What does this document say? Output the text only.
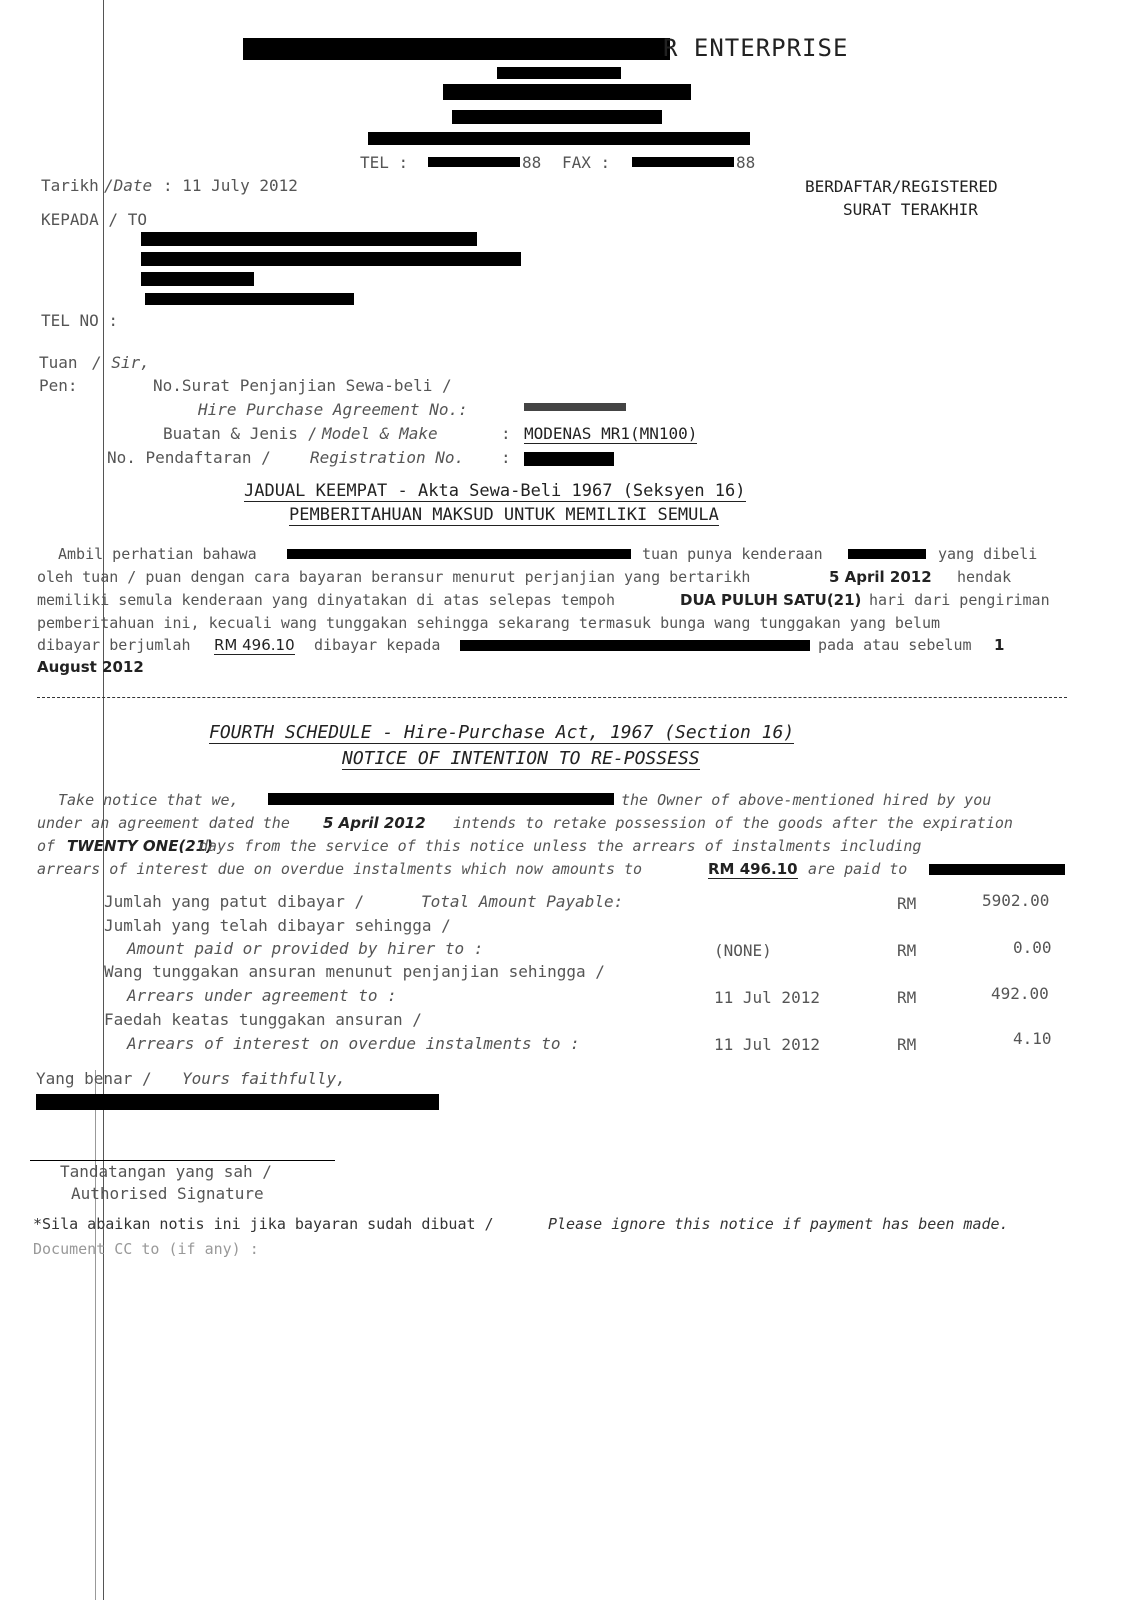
R ENTERPRISE
TEL :	88 FAX :	88
Tarikh /Date : 11 July 2012	BERDAFTAR/REGISTERED
SURAT TERAKHIR
KEPADA / TO
TEL NO :
Tuan / Sir,
Pen:	No.Surat Penjanjian Sewa-beli /
Hire Purchase Agreement No.:
Buatan & Jenis / Model & Make	: MODENAS MR1(MN100)
No. Pendaftaran / Registration No. :
JADUAL KEEMPAT - Akta Sewa-Beli 1967 (Seksyen 16)
PEMBERITAHUAN MAKSUD UNTUK MEMILIKI SEMULA
Ambil perhatian bahawa	tuan punya kenderaan	yang dibeli
oleh tuan / puan dengan cara bayaran beransur menurut perjanjian yang bertarikh	5 April 2012 hendak
memiliki semula kenderaan yang dinyatakan di atas selepas tempoh	DUA PULUH SATU(21) hari dari pengiriman
pemberitahuan ini, kecuali wang tunggakan sehingga sekarang termasuk bunga wang tunggakan yang belum
dibayar berjumlah RM 496.10 dibayar kepada	pada atau sebelum 1
August 2012
FOURTH SCHEDULE - Hire-Purchase Act, 1967 (Section 16)
NOTICE OF INTENTION TO RE-POSSESS
Take notice that we,	the Owner of above-mentioned hired by you
under an agreement dated the 5 April 2012 intends to retake possession of the goods after the expiration
of TWENTY ONE(21)
days from the service of this notice unless the arrears of instalments including
arrears of interest due on overdue instalments which now amounts to	RM 496.10 are paid to
Jumlah yang patut dibayar /	Total Amount Payable:	RM	5902.00
Jumlah yang telah dibayar sehingga /
Amount paid or provided by hirer to :	(NONE)	RM	0.00
Wang tunggakan ansuran menunut penjanjian sehingga /
Arrears under agreement to :	11 Jul 2012	RM	492.00
Faedah keatas tunggakan ansuran /
Arrears of interest on overdue instalments to :	11 Jul 2012	RM	4.10
Yang benar / Yours faithfully,
Tandatangan yang sah /
Authorised Signature
*Sila abaikan notis ini jika bayaran sudah dibuat /	Please ignore this notice if payment has been made.
Document CC to (if any) :
